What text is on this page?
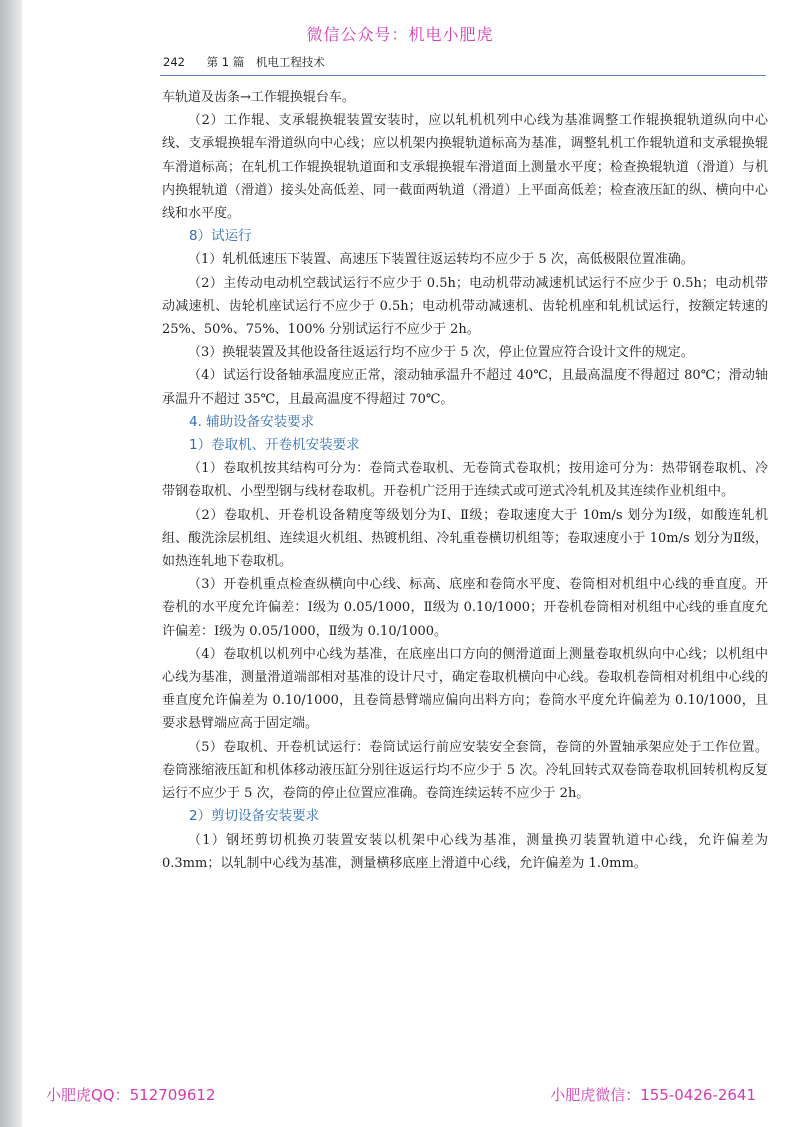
微信公众号：机电小肥虎
242 第 1 篇 机电工程技术

车轨道及齿条→工作辊换辊台车。

（2）工作辊、支承辊换辊装置安装时，应以轧机机列中心线为基准调整工作辊换辊轨道纵向中心线、支承辊换辊车滑道纵向中心线；应以机架内换辊轨道标高为基准，调整轧机工作辊轨道和支承辊换辊车滑道标高；在轧机工作辊换辊轨道面和支承辊换辊车滑道面上测量水平度；检查换辊轨道（滑道）与机内换辊轨道（滑道）接头处高低差、同一截面两轨道（滑道）上平面高低差；检查液压缸的纵、横向中心线和水平度。

8）试运行

（1）轧机低速压下装置、高速压下装置往返运转均不应少于 5 次，高低极限位置准确。

（2）主传动电动机空载试运行不应少于 0.5h；电动机带动减速机试运行不应少于 0.5h；电动机带动减速机、齿轮机座试运行不应少于 0.5h；电动机带动减速机、齿轮机座和轧机试运行，按额定转速的 25%、50%、75%、100% 分别试运行不应少于 2h。

（3）换辊装置及其他设备往返运行均不应少于 5 次，停止位置应符合设计文件的规定。

（4）试运行设备轴承温度应正常，滚动轴承温升不超过 40℃，且最高温度不得超过 80℃；滑动轴承温升不超过 35℃，且最高温度不得超过 70℃。

4. 辅助设备安装要求

1）卷取机、开卷机安装要求

（1）卷取机按其结构可分为：卷筒式卷取机、无卷筒式卷取机；按用途可分为：热带钢卷取机、冷带钢卷取机、小型型钢与线材卷取机。开卷机广泛用于连续式或可逆式冷轧机及其连续作业机组中。

（2）卷取机、开卷机设备精度等级划分为Ⅰ、Ⅱ级；卷取速度大于 10m/s 划分为Ⅰ级，如酸连轧机组、酸洗涂层机组、连续退火机组、热镀机组、冷轧重卷横切机组等；卷取速度小于 10m/s 划分为Ⅱ级，如热连轧地下卷取机。

（3）开卷机重点检查纵横向中心线、标高、底座和卷筒水平度、卷筒相对机组中心线的垂直度。开卷机的水平度允许偏差：Ⅰ级为 0.05/1000，Ⅱ级为 0.10/1000；开卷机卷筒相对机组中心线的垂直度允许偏差：Ⅰ级为 0.05/1000，Ⅱ级为 0.10/1000。

（4）卷取机以机列中心线为基准，在底座出口方向的侧滑道面上测量卷取机纵向中心线；以机组中心线为基准，测量滑道端部相对基准的设计尺寸，确定卷取机横向中心线。卷取机卷筒相对机组中心线的垂直度允许偏差为 0.10/1000，且卷筒悬臂端应偏向出料方向；卷筒水平度允许偏差为 0.10/1000，且要求悬臂端应高于固定端。

（5）卷取机、开卷机试运行：卷筒试运行前应安装安全套筒，卷筒的外置轴承架应处于工作位置。卷筒涨缩液压缸和机体移动液压缸分别往返运行均不应少于 5 次。冷轧回转式双卷筒卷取机回转机构反复运行不应少于 5 次，卷筒的停止位置应准确。卷筒连续运转不应少于 2h。

2）剪切设备安装要求

（1）钢坯剪切机换刃装置安装以机架中心线为基准，测量换刃装置轨道中心线，允许偏差为 0.3mm；以轧制中心线为基准，测量横移底座上滑道中心线，允许偏差为 1.0mm。

小肥虎QQ：512709612	小肥虎微信：155-0426-2641
